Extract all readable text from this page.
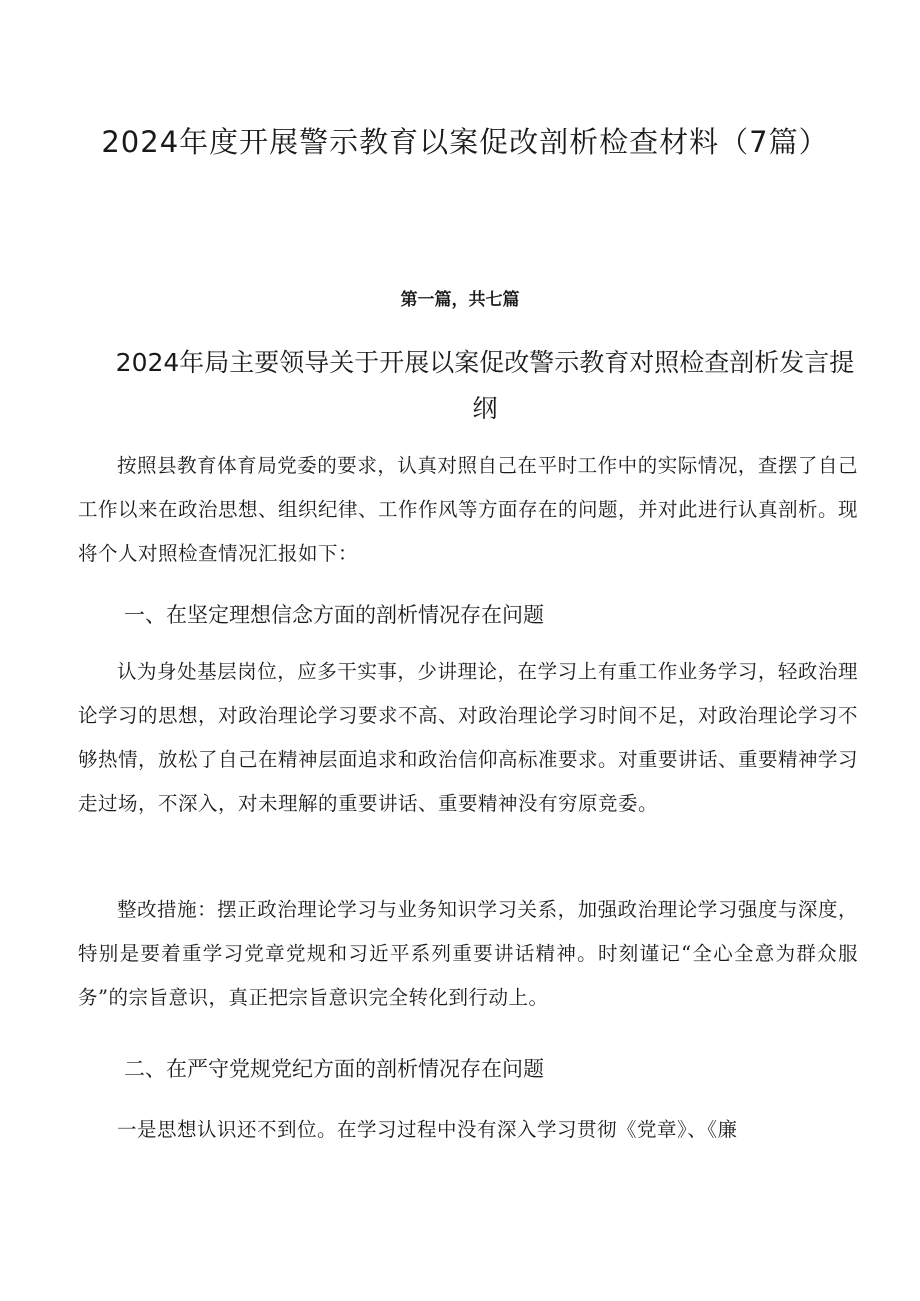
2024年度开展警示教育以案促改剖析检查材料（7篇）
第一篇，共七篇
2024年局主要领导关于开展以案促改警示教育对照检查剖析发言提纲

按照县教育体育局党委的要求，认真对照自己在平时工作中的实际情况，查摆了自己工作以来在政治思想、组织纪律、工作作风等方面存在的问题，并对此进行认真剖析。现将个人对照检查情况汇报如下：

一、在坚定理想信念方面的剖析情况存在问题

认为身处基层岗位，应多干实事，少讲理论，在学习上有重工作业务学习，轻政治理论学习的思想，对政治理论学习要求不高、对政治理论学习时间不足，对政治理论学习不够热情，放松了自己在精神层面追求和政治信仰高标准要求。对重要讲话、重要精神学习走过场，不深入，对未理解的重要讲话、重要精神没有穷原竞委。

整改措施：摆正政治理论学习与业务知识学习关系，加强政治理论学习强度与深度，特别是要着重学习党章党规和习近平系列重要讲话精神。时刻谨记“全心全意为群众服务”的宗旨意识，真正把宗旨意识完全转化到行动上。

二、在严守党规党纪方面的剖析情况存在问题

一是思想认识还不到位。在学习过程中没有深入学习贯彻《党章》、《廉
